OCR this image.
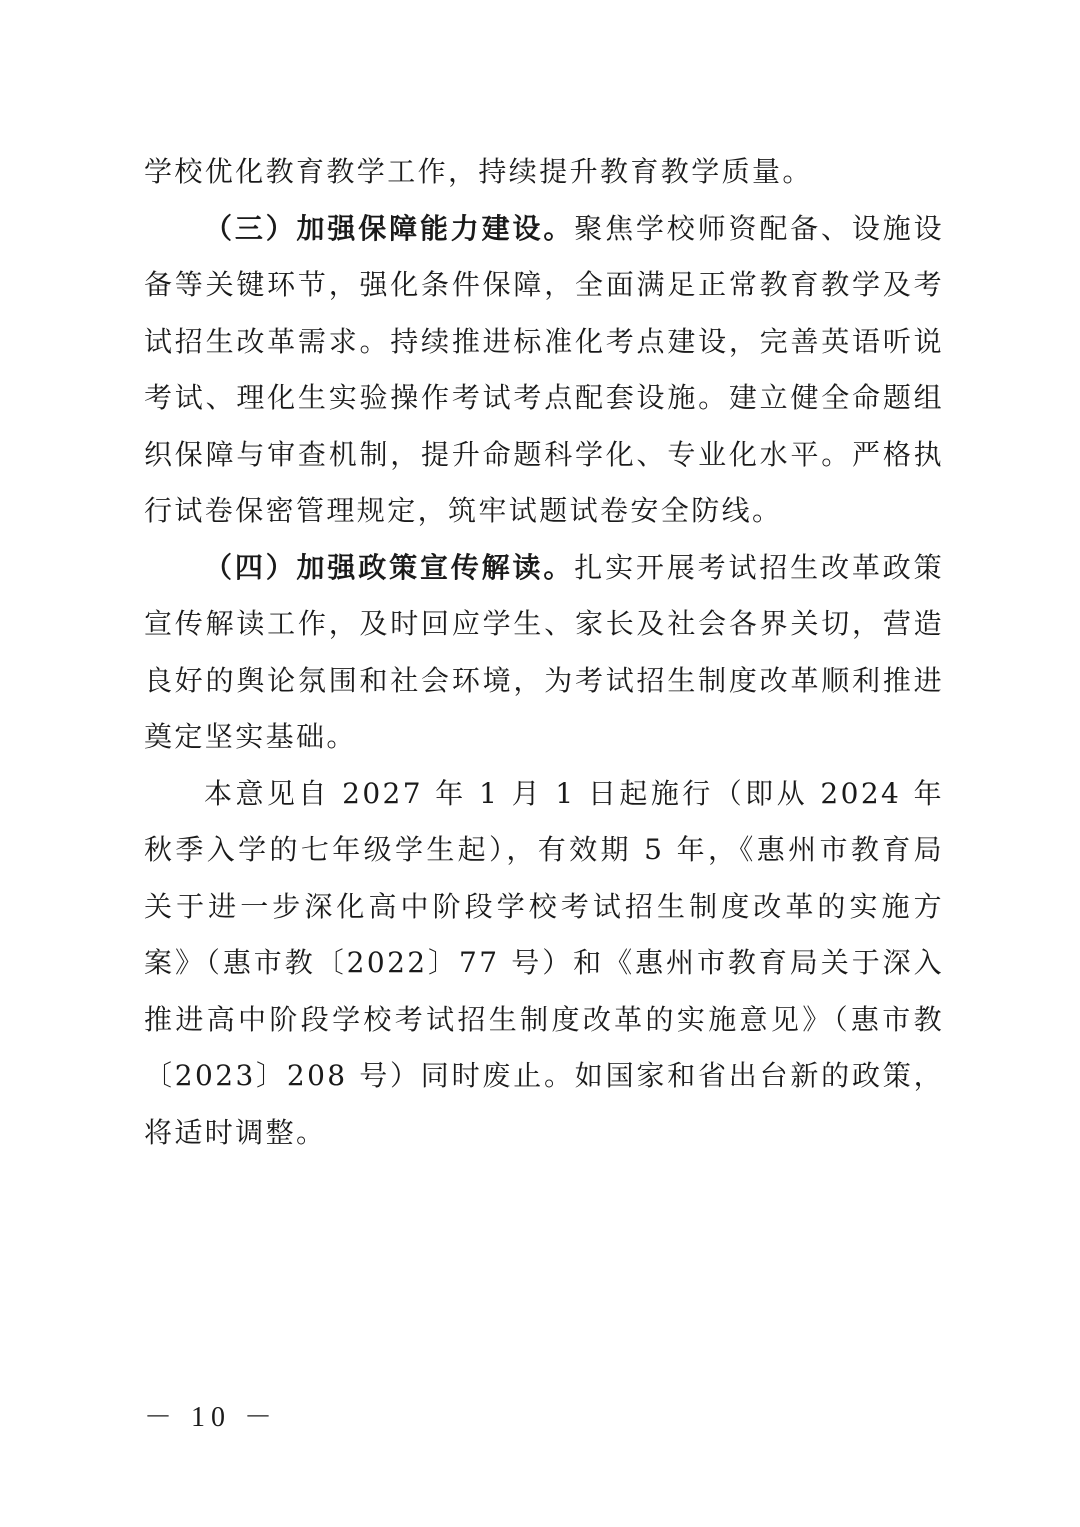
学校优化教育教学工作，持续提升教育教学质量。

（三）加强保障能力建设。聚焦学校师资配备、设施设备等关键环节，强化条件保障，全面满足正常教育教学及考试招生改革需求。持续推进标准化考点建设，完善英语听说考试、理化生实验操作考试考点配套设施。建立健全命题组织保障与审查机制，提升命题科学化、专业化水平。严格执行试卷保密管理规定，筑牢试题试卷安全防线。

（四）加强政策宣传解读。扎实开展考试招生改革政策宣传解读工作，及时回应学生、家长及社会各界关切，营造良好的舆论氛围和社会环境，为考试招生制度改革顺利推进奠定坚实基础。

本意见自 2027 年 1 月 1 日起施行（即从 2024 年秋季入学的七年级学生起），有效期 5 年，《惠州市教育局关于进一步深化高中阶段学校考试招生制度改革的实施方案》（惠市教〔2022〕77 号）和《惠州市教育局关于深入推进高中阶段学校考试招生制度改革的实施意见》（惠市教〔2023〕208 号）同时废止。如国家和省出台新的政策，将适时调整。

－ 10 －
